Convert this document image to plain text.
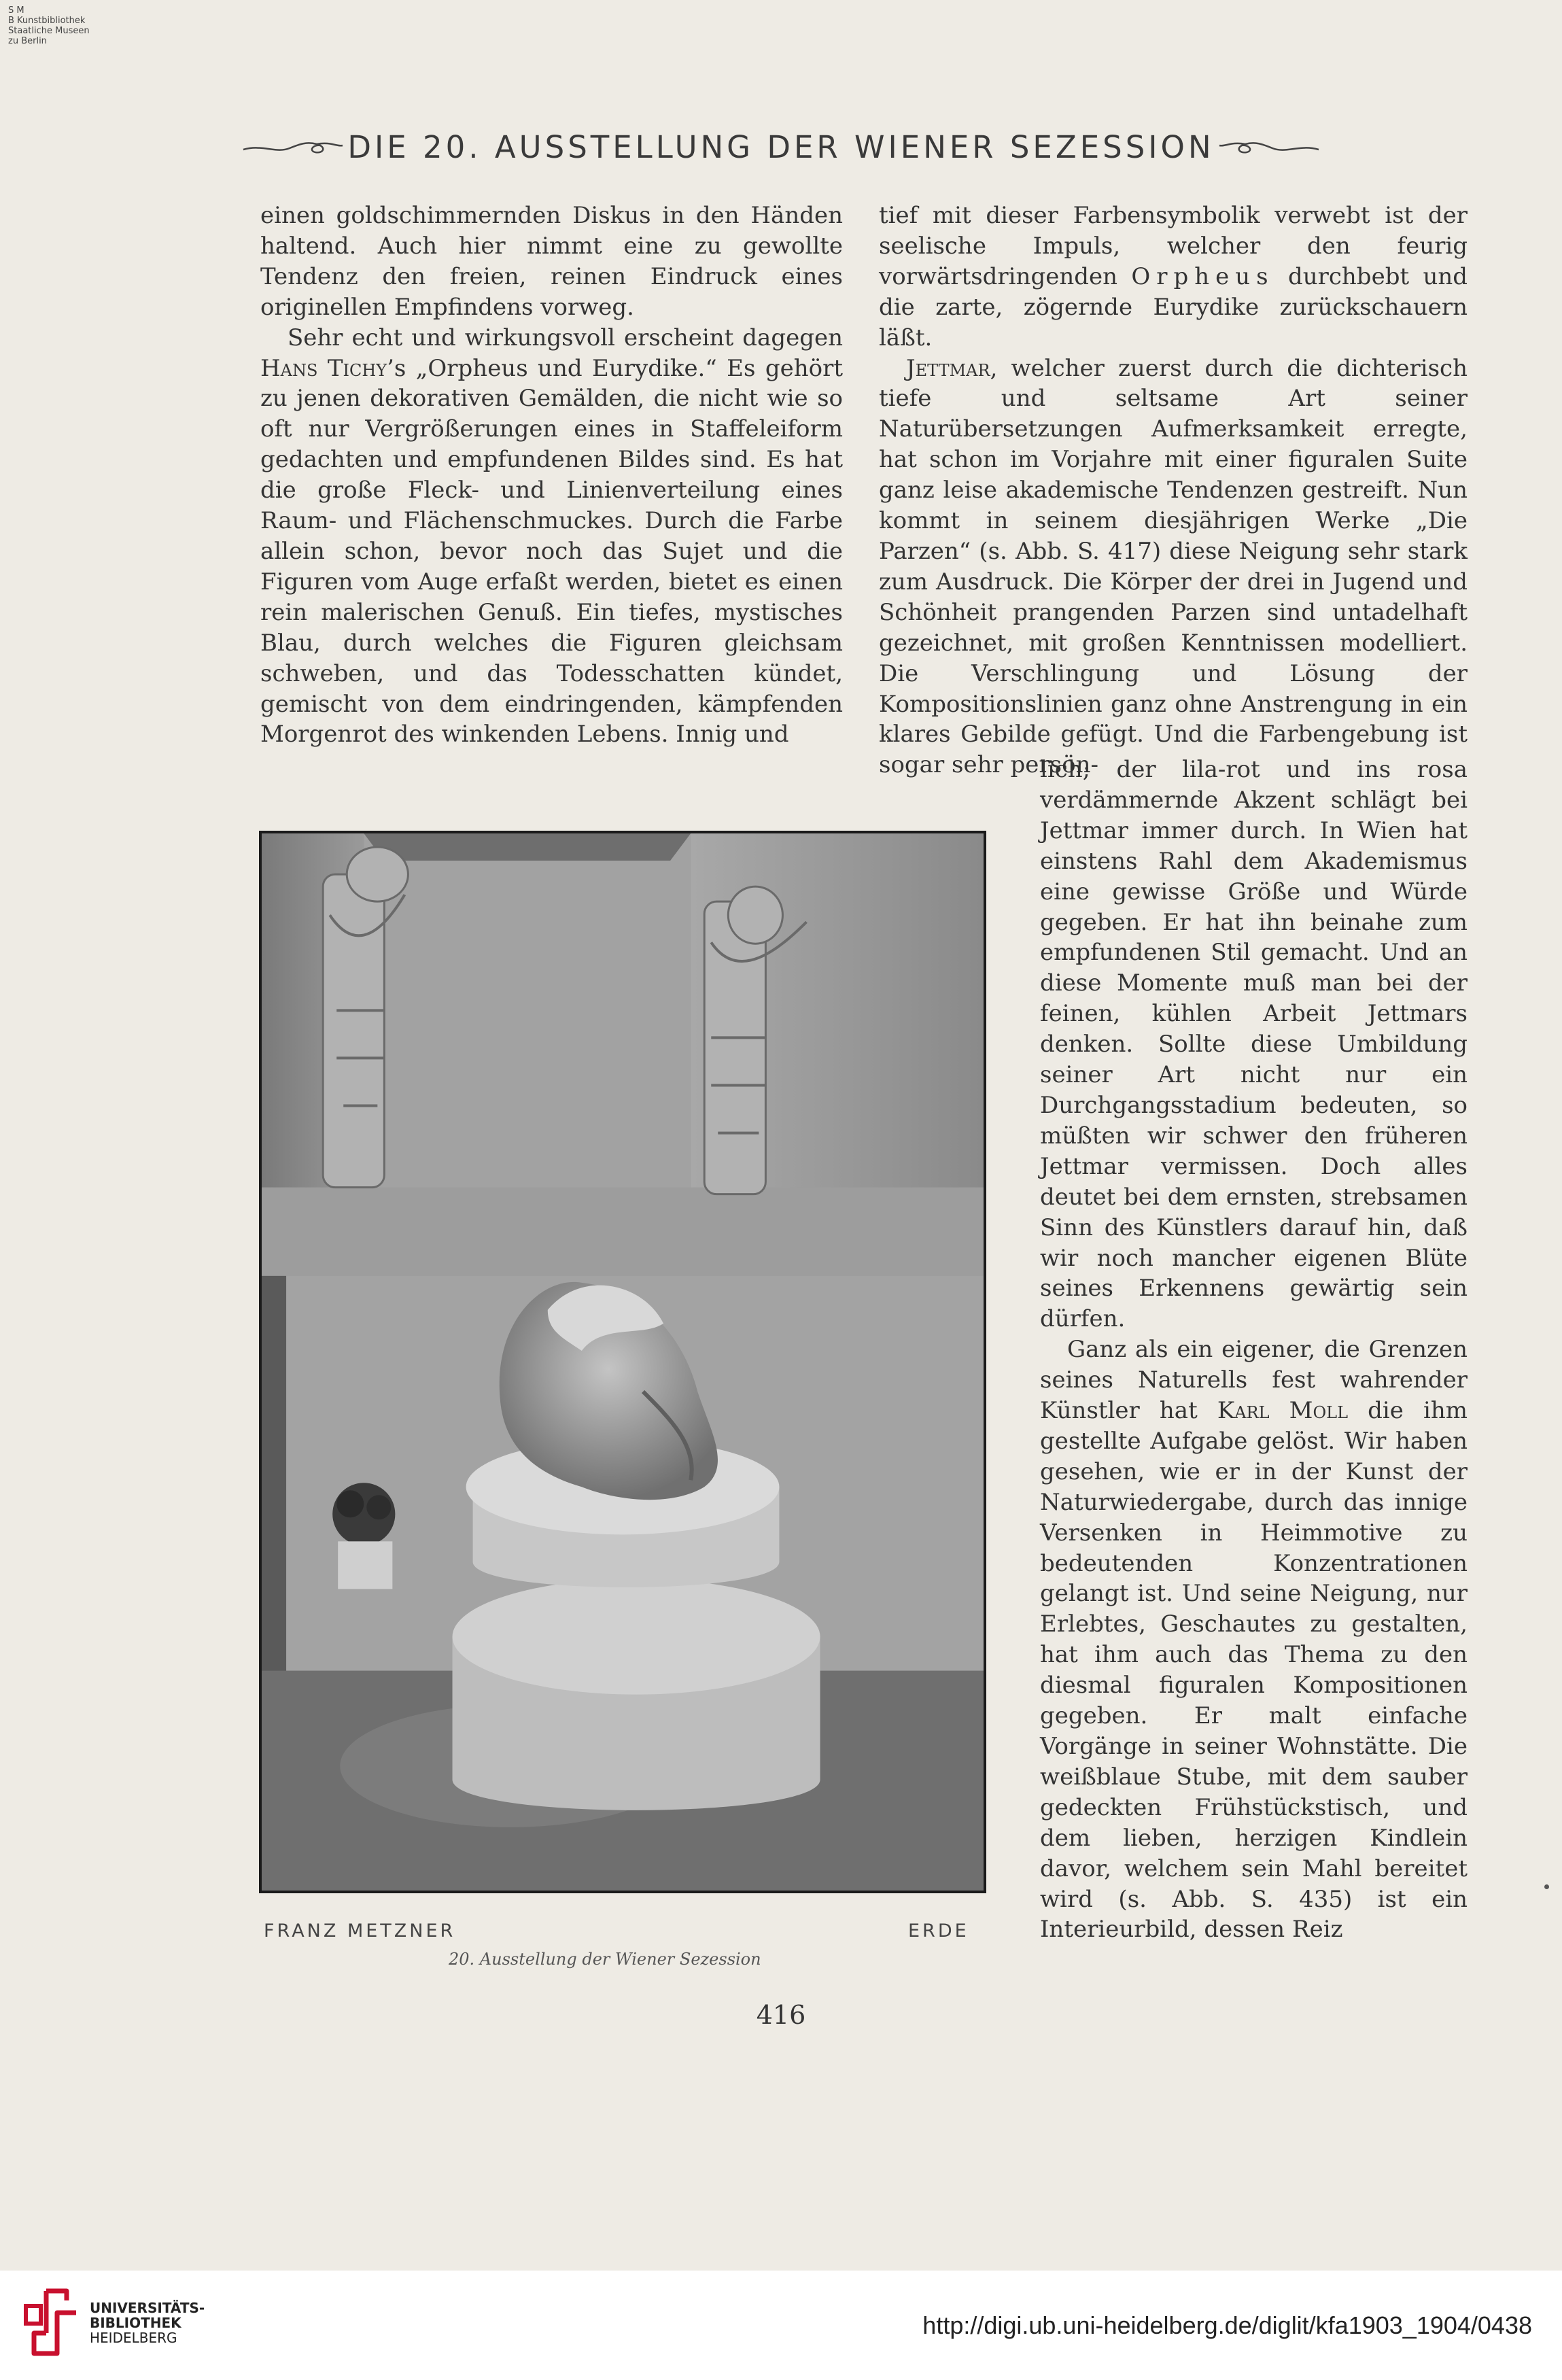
S M
B Kunstbibliothek
Staatliche Museen
zu Berlin
DIE 20. AUSSTELLUNG DER WIENER SEZESSION

einen goldschimmernden Diskus in den Händen haltend. Auch hier nimmt eine zu gewollte Tendenz den freien, reinen Eindruck eines originellen Empfindens vorweg.

Sehr echt und wirkungsvoll erscheint dagegen Hans Tichy’s „Orpheus und Eurydike.“ Es gehört zu jenen dekorativen Gemälden, die nicht wie so oft nur Vergrößerungen eines in Staffeleiform gedachten und empfundenen Bildes sind. Es hat die große Fleck- und Linienverteilung eines Raum- und Flächenschmuckes. Durch die Farbe allein schon, bevor noch das Sujet und die Figuren vom Auge erfaßt werden, bietet es einen rein malerischen Genuß. Ein tiefes, mystisches Blau, durch welches die Figuren gleichsam schweben, und das Todesschatten kündet, gemischt von dem eindringenden, kämpfenden Morgenrot des winkenden Lebens. Innig und

tief mit dieser Farbensymbolik verwebt ist der seelische Impuls, welcher den feurig vorwärtsdringenden Orpheus durchbebt und die zarte, zögernde Eurydike zurückschauern läßt.

Jettmar, welcher zuerst durch die dichterisch tiefe und seltsame Art seiner Naturübersetzungen Aufmerksamkeit erregte, hat schon im Vorjahre mit einer figuralen Suite ganz leise akademische Tendenzen gestreift. Nun kommt in seinem diesjährigen Werke „Die Parzen“ (s. Abb. S. 417) diese Neigung sehr stark zum Ausdruck. Die Körper der drei in Jugend und Schönheit prangenden Parzen sind untadelhaft gezeichnet, mit großen Kenntnissen modelliert. Die Verschlingung und Lösung der Kompositionslinien ganz ohne Anstrengung in ein klares Gebilde gefügt. Und die Farbengebung ist sogar sehr persön-

lich; der lila-rot und ins rosa verdämmernde Akzent schlägt bei Jettmar immer durch. In Wien hat einstens Rahl dem Akademismus eine gewisse Größe und Würde gegeben. Er hat ihn beinahe zum empfundenen Stil gemacht. Und an diese Momente muß man bei der feinen, kühlen Arbeit Jettmars denken. Sollte diese Umbildung seiner Art nicht nur ein Durchgangsstadium bedeuten, so müßten wir schwer den früheren Jettmar vermissen. Doch alles deutet bei dem ernsten, strebsamen Sinn des Künstlers darauf hin, daß wir noch mancher eigenen Blüte seines Erkennens gewärtig sein dürfen.

Ganz als ein eigener, die Grenzen seines Naturells fest wahrender Künstler hat Karl Moll die ihm gestellte Aufgabe gelöst. Wir haben gesehen, wie er in der Kunst der Naturwiedergabe, durch das innige Versenken in Heimmotive zu bedeutenden Konzentrationen gelangt ist. Und seine Neigung, nur Erlebtes, Geschautes zu gestalten, hat ihm auch das Thema zu den diesmal figuralen Kompositionen gegeben. Er malt einfache Vorgänge in seiner Wohnstätte. Die weißblaue Stube, mit dem sauber gedeckten Frühstückstisch, und dem lieben, herzigen Kindlein davor, welchem sein Mahl bereitet wird (s. Abb. S. 435) ist ein Interieurbild, dessen Reiz

FRANZ METZNER	ERDE
20. Ausstellung der Wiener Sezession
416
UNIVERSITÄTS-
BIBLIOTHEK
HEIDELBERG	http://digi.ub.uni-heidelberg.de/diglit/kfa1903_1904/0438
